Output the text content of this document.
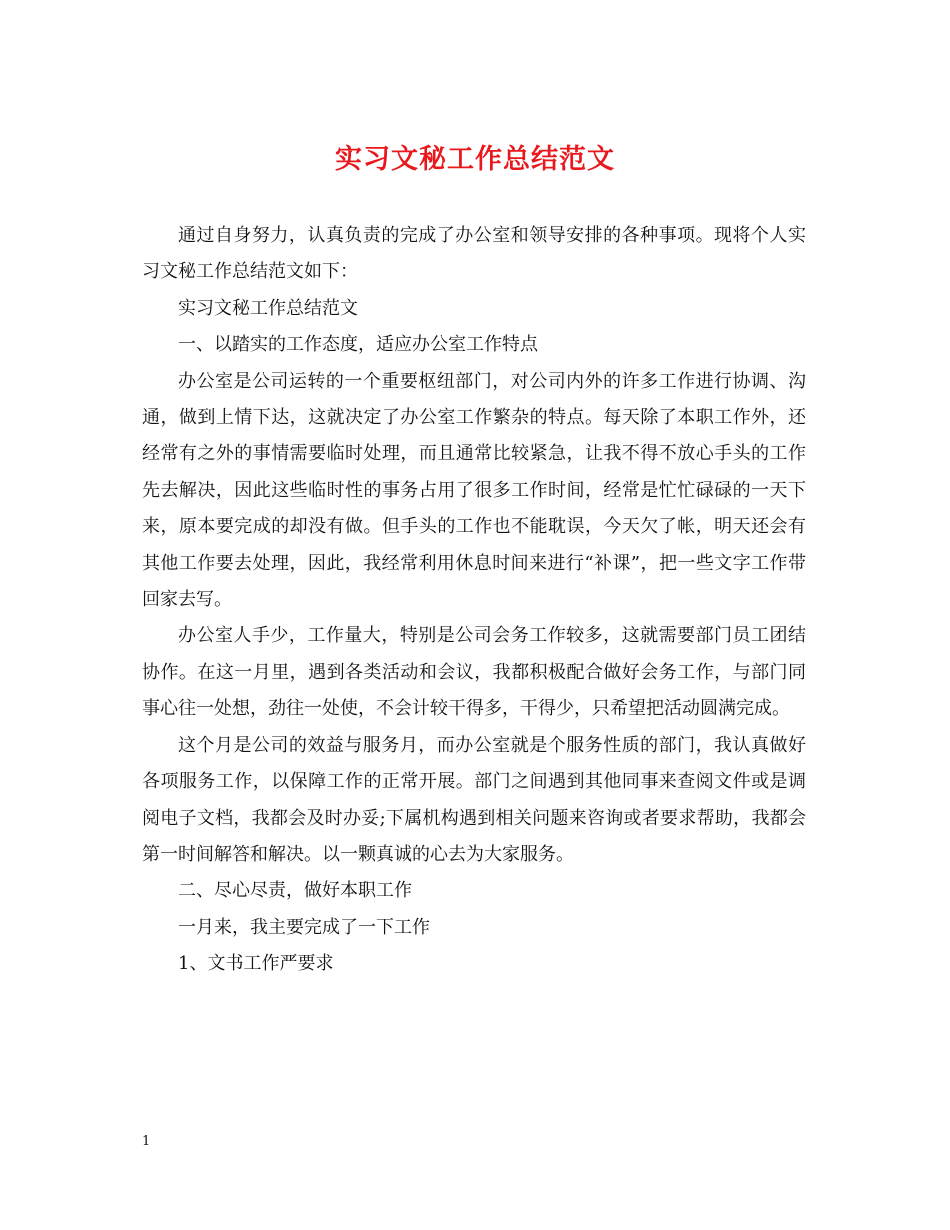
实习文秘工作总结范文

通过自身努力，认真负责的完成了办公室和领导安排的各种事项。现将个人实习文秘工作总结范文如下：

实习文秘工作总结范文

一、以踏实的工作态度，适应办公室工作特点

办公室是公司运转的一个重要枢纽部门，对公司内外的许多工作进行协调、沟通，做到上情下达，这就决定了办公室工作繁杂的特点。每天除了本职工作外，还经常有之外的事情需要临时处理，而且通常比较紧急，让我不得不放心手头的工作先去解决，因此这些临时性的事务占用了很多工作时间，经常是忙忙碌碌的一天下来，原本要完成的却没有做。但手头的工作也不能耽误，今天欠了帐，明天还会有其他工作要去处理，因此，我经常利用休息时间来进行“补课”，把一些文字工作带回家去写。

办公室人手少，工作量大，特别是公司会务工作较多，这就需要部门员工团结协作。在这一月里，遇到各类活动和会议，我都积极配合做好会务工作，与部门同事心往一处想，劲往一处使，不会计较干得多，干得少，只希望把活动圆满完成。

这个月是公司的效益与服务月，而办公室就是个服务性质的部门，我认真做好各项服务工作，以保障工作的正常开展。部门之间遇到其他同事来查阅文件或是调阅电子文档，我都会及时办妥;下属机构遇到相关问题来咨询或者要求帮助，我都会第一时间解答和解决。以一颗真诚的心去为大家服务。

二、尽心尽责，做好本职工作

一月来，我主要完成了一下工作

1、文书工作严要求

1
